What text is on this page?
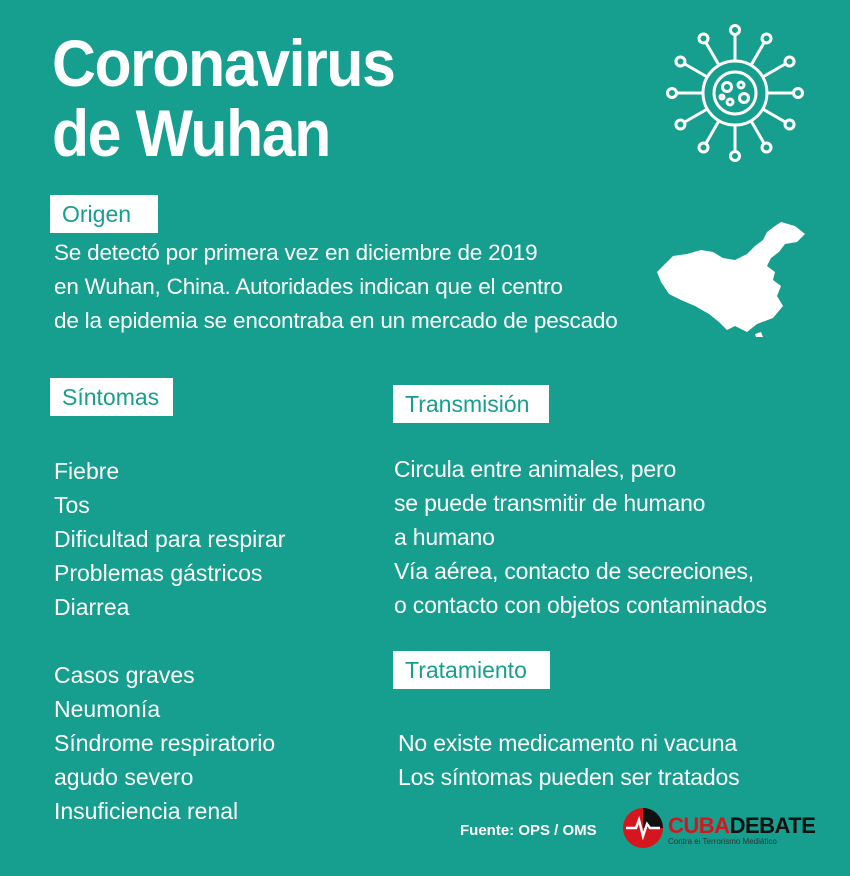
Coronavirus
de Wuhan
Origen
Se detectó por primera vez en diciembre de 2019
en Wuhan, China. Autoridades indican que el centro
de la epidemia se encontraba en un mercado de pescado
Síntomas
Fiebre
Tos
Dificultad para respirar
Problemas gástricos
Diarrea
Casos graves
Neumonía
Síndrome respiratorio
agudo severo
Insuficiencia renal
Transmisión
Circula entre animales, pero
se puede transmitir de humano
a humano
Vía aérea, contacto de secreciones,
o contacto con objetos contaminados
Tratamiento
No existe medicamento ni vacuna
Los síntomas pueden ser tratados
Fuente: OPS / OMS	CUBADEBATE
Contra el Terrorismo Mediático
